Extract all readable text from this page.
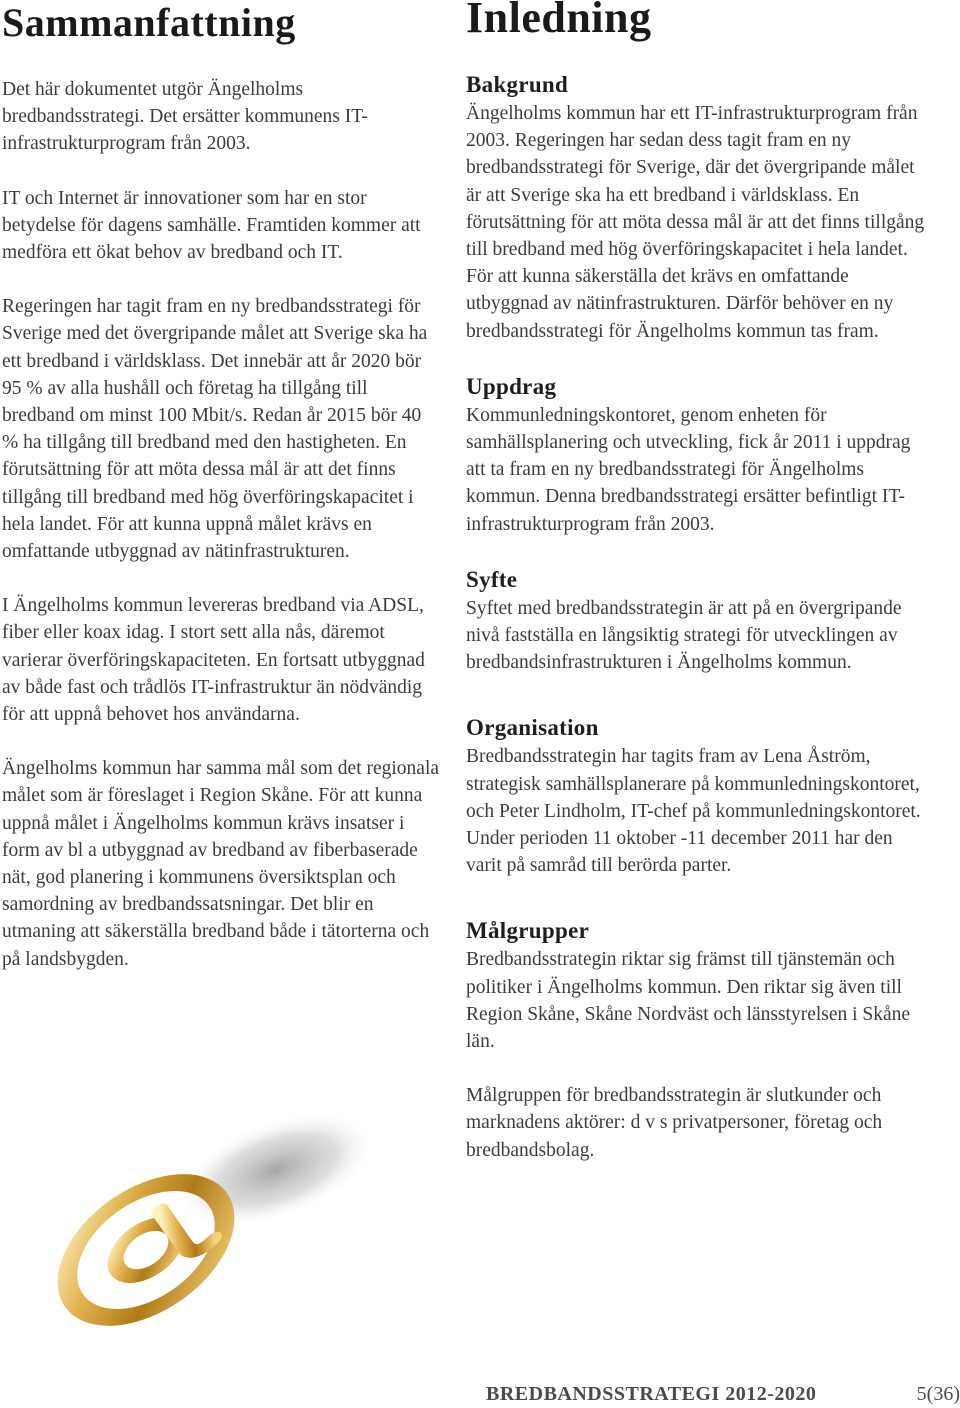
Sammanfattning

Det här dokumentet utgör Ängelholms bredbandsstrategi. Det ersätter kommunens IT-infrastrukturprogram från 2003.

IT och Internet är innovationer som har en stor betydelse för dagens samhälle. Framtiden kommer att medföra ett ökat behov av bredband och IT.

Regeringen har tagit fram en ny bredbandsstrategi för Sverige med det övergripande målet att Sverige ska ha ett bredband i världsklass. Det innebär att år 2020 bör 95 % av alla hushåll och företag ha tillgång till bredband om minst 100 Mbit/s. Redan år 2015 bör 40 % ha tillgång till bredband med den hastigheten. En förutsättning för att möta dessa mål är att det finns tillgång till bredband med hög överföringskapacitet i hela landet. För att kunna uppnå målet krävs en omfattande utbyggnad av nätinfrastrukturen.

I Ängelholms kommun levereras bredband via ADSL, fiber eller koax idag. I stort sett alla nås, däremot varierar överföringskapaciteten. En fortsatt utbyggnad av både fast och trådlös IT-infrastruktur än nödvändig för att uppnå behovet hos användarna.

Ängelholms kommun har samma mål som det regionala målet som är föreslaget i Region Skåne. För att kunna uppnå målet i Ängelholms kommun krävs insatser i form av bl a utbyggnad av bredband av fiberbaserade nät, god planering i kommunens översiktsplan och samordning av bredbandssatsningar. Det blir en utmaning att säkerställa bredband både i tätorterna och på landsbygden.

Inledning
Bakgrund

Ängelholms kommun har ett IT-infrastrukturprogram från 2003. Regeringen har sedan dess tagit fram en ny bredbandsstrategi för Sverige, där det övergripande målet är att Sverige ska ha ett bredband i världsklass. En förutsättning för att möta dessa mål är att det finns tillgång till bredband med hög överföringskapacitet i hela landet. För att kunna säkerställa det krävs en omfattande utbyggnad av nätinfrastrukturen. Därför behöver en ny bredbandsstrategi för Ängelholms kommun tas fram.

Uppdrag

Kommunledningskontoret, genom enheten för samhällsplanering och utveckling, fick år 2011 i uppdrag att ta fram en ny bredbandsstrategi för Ängelholms kommun. Denna bredbandsstrategi ersätter befintligt IT-infrastrukturprogram från 2003.

Syfte

Syftet med bredbandsstrategin är att på en övergripande nivå fastställa en långsiktig strategi för utvecklingen av bredbandsinfrastrukturen i Ängelholms kommun.

Organisation

Bredbandsstrategin har tagits fram av Lena Åström, strategisk samhällsplanerare på kommunledningskontoret, och Peter Lindholm, IT-chef på kommunledningskontoret. Under perioden 11 oktober -11 december 2011 har den varit på samråd till berörda parter.

Målgrupper

Bredbandsstrategin riktar sig främst till tjänstemän och politiker i Ängelholms kommun. Den riktar sig även till Region Skåne, Skåne Nordväst och länsstyrelsen i Skåne län.

Målgruppen för bredbandsstrategin är slutkunder och marknadens aktörer: d v s privatpersoner, företag och bredbandsbolag.

BREDBANDSSTRATEGI 2012-2020	5(36)
